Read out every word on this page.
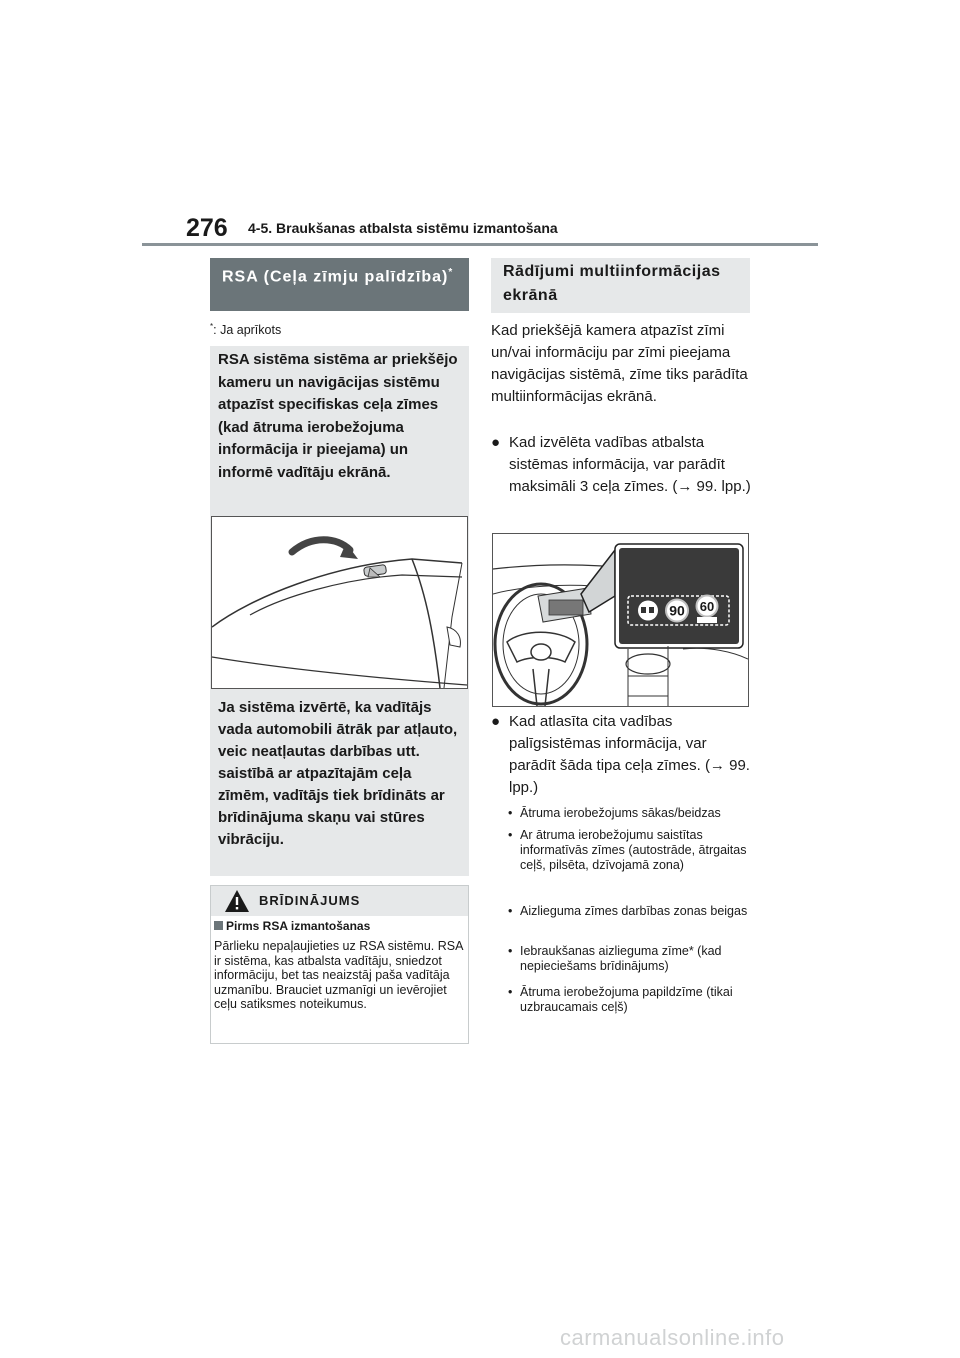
276 4-5. Braukšanas atbalsta sistēmu izmantošana
RSA (Ceļa zīmju palīdzība)*
*: Ja aprīkots
RSA sistēma sistēma ar priekšējo kameru un navigācijas sistēmu atpazīst specifiskas ceļa zīmes (kad ātruma ierobežojuma informācija ir pieejama) un informē vadītāju ekrānā.
Ja sistēma izvērtē, ka vadītājs vada automobili ātrāk par atļauto, veic neatļautas darbības utt. saistībā ar atpazītajām ceļa zīmēm, vadītājs tiek brīdināts ar brīdinājuma skaņu vai stūres vibrāciju.
BRĪDINĀJUMS
Pirms RSA izmantošanas
Pārlieku nepaļaujieties uz RSA sistēmu. RSA ir sistēma, kas atbalsta vadītāju, sniedzot informāciju, bet tas neaizstāj paša vadītāja uzmanību. Brauciet uzmanīgi un ievērojiet ceļu satiksmes noteikumus.
Rādījumi multiinformācijas ekrānā
Kad priekšējā kamera atpazīst zīmi un/vai informāciju par zīmi pieejama navigācijas sistēmā, zīme tiks parādīta multiinformācijas ekrānā.
● Kad izvēlēta vadības atbalsta sistēmas informācija, var parādīt maksimāli 3 ceļa zīmes. (→ 99. lpp.)
90 60
● Kad atlasīta cita vadības palīgsistēmas informācija, var parādīt šāda tipa ceļa zīmes. (→ 99. lpp.)
• Ātruma ierobežojums sākas/beidzas
• Ar ātruma ierobežojumu saistītas informatīvās zīmes (autostrāde, ātrgaitas ceļš, pilsēta, dzīvojamā zona)
• Aizlieguma zīmes darbības zonas beigas
• Iebraukšanas aizlieguma zīme* (kad nepieciešams brīdinājums)
• Ātruma ierobežojuma papildzīme (tikai uzbraucamais ceļš)
carmanualsonline.info
